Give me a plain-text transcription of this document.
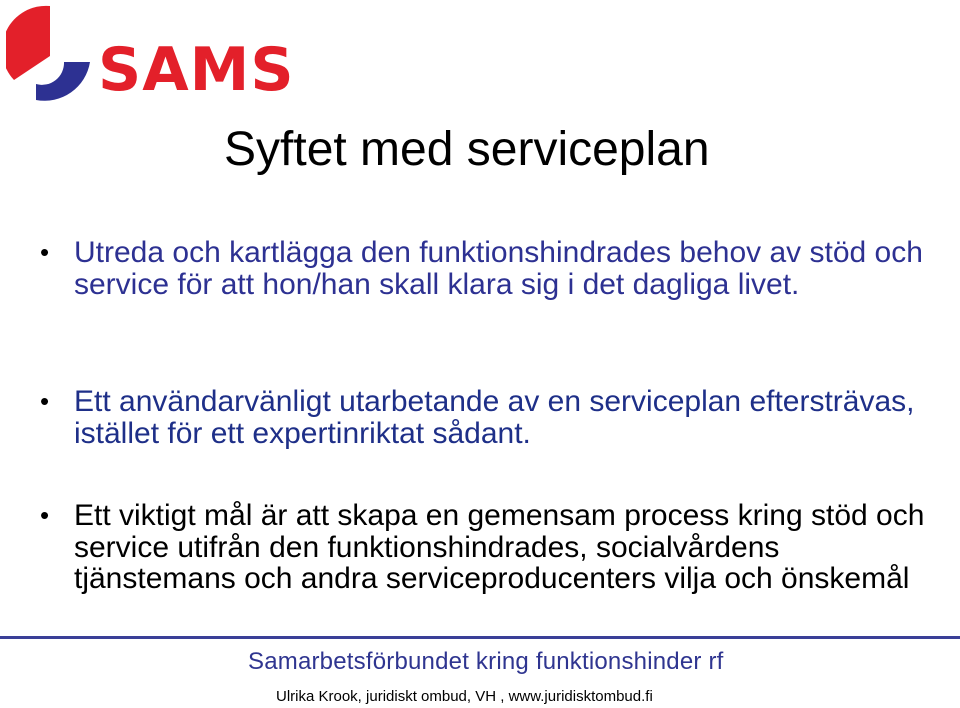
SAMS
Syftet med serviceplan
• Utreda och kartlägga den funktionshindrades behov av stöd och service för att hon/han skall klara sig i det dagliga livet.
• Ett användarvänligt utarbetande av en serviceplan eftersträvas, istället för ett expertinriktat sådant.
• Ett viktigt mål är att skapa en gemensam process kring stöd och service utifrån den funktionshindrades, socialvårdens tjänstemans och andra serviceproducenters vilja och önskemål
Samarbetsförbundet kring funktionshinder rf
Ulrika Krook, juridiskt ombud, VH , www.juridisktombud.fi
